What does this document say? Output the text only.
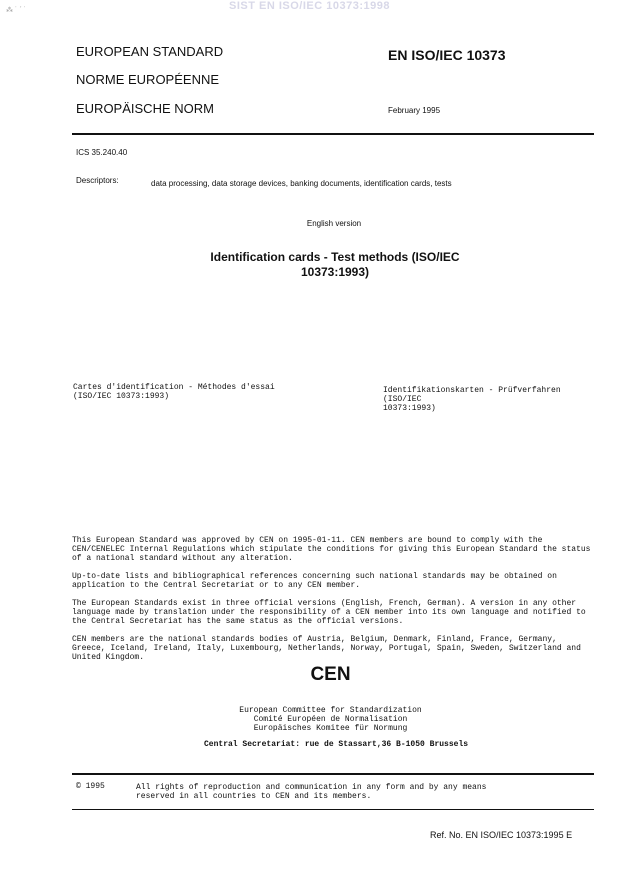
SIST EN ISO/IEC 10373:1998
⁂ ˙ ˊ ˙
EUROPEAN STANDARD
NORME EUROPÉENNE
EUROPÄISCHE NORM
EN ISO/IEC 10373
February 1995
ICS 35.240.40
Descriptors:	data processing, data storage devices, banking documents, identification cards, tests
English version
Identification cards - Test methods (ISO/IEC
10373:1993)
Cartes d'identification - Méthodes d'essai
(ISO/IEC 10373:1993)
Identifikationskarten - Prüfverfahren (ISO/IEC
10373:1993)

This European Standard was approved by CEN on 1995-01-11. CEN members are bound to comply with the CEN/CENELEC Internal Regulations which stipulate the conditions for giving this European Standard the status of a national standard without any alteration.

Up-to-date lists and bibliographical references concerning such national standards may be obtained on application to the Central Secretariat or to any CEN member.

The European Standards exist in three official versions (English, French, German). A version in any other language made by translation under the responsibility of a CEN member into its own language and notified to the Central Secretariat has the same status as the official versions.

CEN members are the national standards bodies of Austria, Belgium, Denmark, Finland, France, Germany, Greece, Iceland, Ireland, Italy, Luxembourg, Netherlands, Norway, Portugal, Spain, Sweden, Switzerland and United Kingdom.

CEN
European Committee for Standardization
Comité Européen de Normalisation
Europäisches Komitee für Normung
Central Secretariat: rue de Stassart,36 B-1050 Brussels
© 1995	All rights of reproduction and communication in any form and by any means
reserved in all countries to CEN and its members.
Ref. No. EN ISO/IEC 10373:1995 E
